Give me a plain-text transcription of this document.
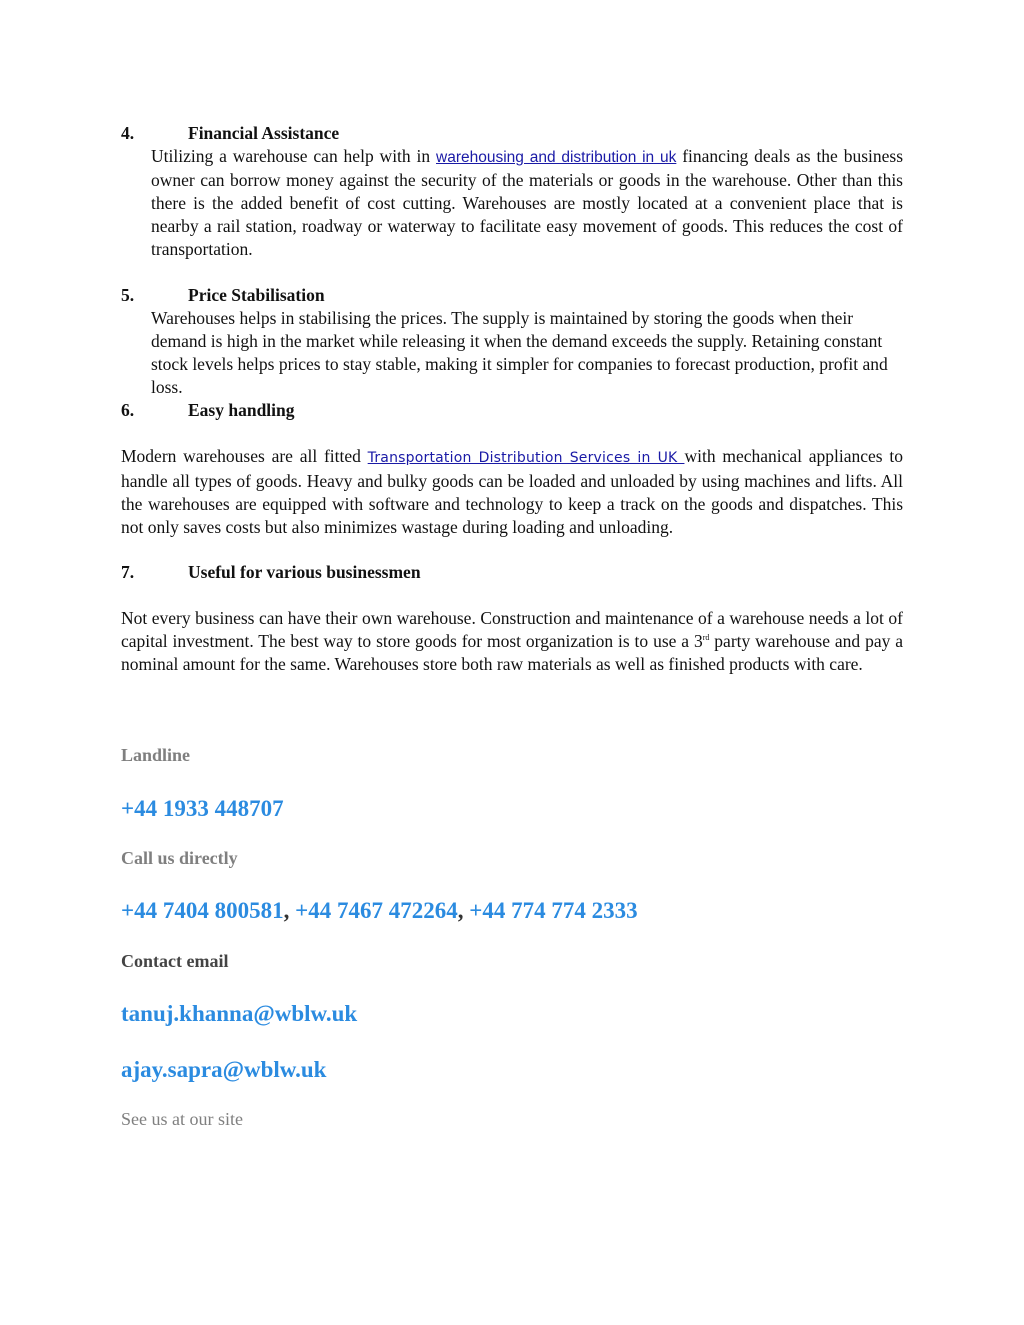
4.	Financial Assistance
Utilizing a warehouse can help with in warehousing and distribution in uk financing deals as the business owner can borrow money against the security of the materials or goods in the warehouse. Other than this there is the added benefit of cost cutting. Warehouses are mostly located at a convenient place that is nearby a rail station, roadway or waterway to facilitate easy movement of goods. This reduces the cost of transportation.
5.	Price Stabilisation
Warehouses helps in stabilising the prices. The supply is maintained by storing the goods when their demand is high in the market while releasing it when the demand exceeds the supply. Retaining constant stock levels helps prices to stay stable, making it simpler for companies to forecast production, profit and loss.
6.	Easy handling
Modern warehouses are all fitted Transportation Distribution Services in UK with mechanical appliances to handle all types of goods. Heavy and bulky goods can be loaded and unloaded by using machines and lifts. All the warehouses are equipped with software and technology to keep a track on the goods and dispatches. This not only saves costs but also minimizes wastage during loading and unloading.
7.	Useful for various businessmen
Not every business can have their own warehouse. Construction and maintenance of a warehouse needs a lot of capital investment. The best way to store goods for most organization is to use a 3rd party warehouse and pay a nominal amount for the same. Warehouses store both raw materials as well as finished products with care.
Landline
+44 1933 448707
Call us directly
+44 7404 800581, +44 7467 472264, +44 774 774 2333
Contact email
tanuj.khanna@wblw.uk
ajay.sapra@wblw.uk
See us at our site
